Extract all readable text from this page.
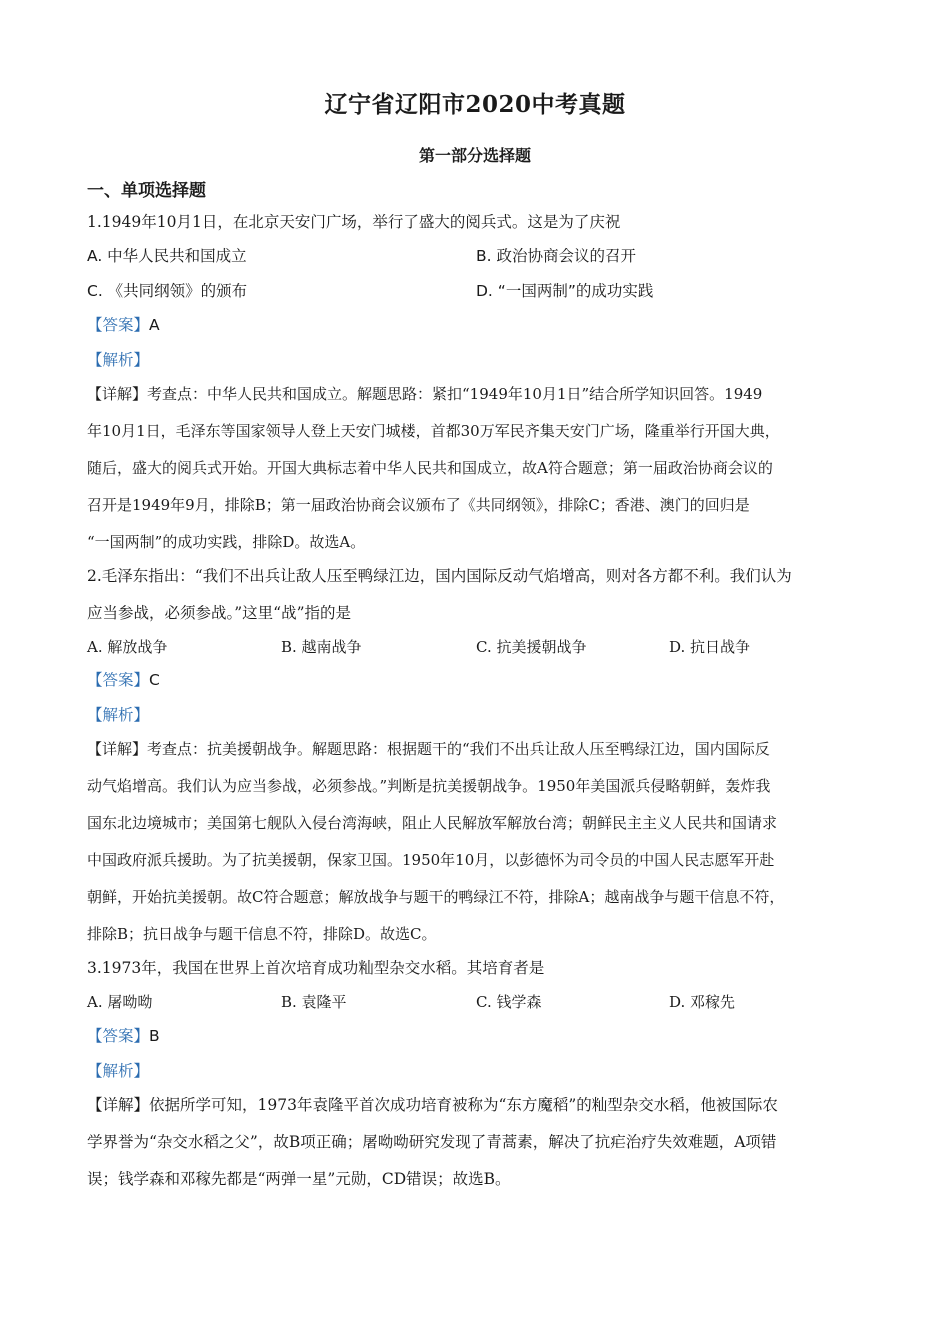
辽宁省辽阳市2020中考真题
第一部分选择题
一、单项选择题
1.1949年10月1日，在北京天安门广场，举行了盛大的阅兵式。这是为了庆祝
A. 中华人民共和国成立	B. 政治协商会议的召开
C. 《共同纲领》的颁布	D. “一国两制”的成功实践
【答案】A
【解析】
【详解】考查点：中华人民共和国成立。解题思路：紧扣“1949年10月1日”结合所学知识回答。1949
年10月1日，毛泽东等国家领导人登上天安门城楼，首都30万军民齐集天安门广场，隆重举行开国大典，
随后，盛大的阅兵式开始。开国大典标志着中华人民共和国成立，故A符合题意；第一届政治协商会议的
召开是1949年9月，排除B；第一届政治协商会议颁布了《共同纲领》，排除C；香港、澳门的回归是
“一国两制”的成功实践，排除D。故选A。
2.毛泽东指出：“我们不出兵让敌人压至鸭绿江边，国内国际反动气焰增高，则对各方都不利。我们认为
应当参战，必须参战。”这里“战”指的是
A. 解放战争	B. 越南战争	C. 抗美援朝战争	D. 抗日战争
【答案】C
【解析】
【详解】考查点：抗美援朝战争。解题思路：根据题干的“我们不出兵让敌人压至鸭绿江边，国内国际反
动气焰增高。我们认为应当参战，必须参战。”判断是抗美援朝战争。1950年美国派兵侵略朝鲜，轰炸我
国东北边境城市；美国第七舰队入侵台湾海峡，阻止人民解放军解放台湾；朝鲜民主主义人民共和国请求
中国政府派兵援助。为了抗美援朝，保家卫国。1950年10月，以彭德怀为司令员的中国人民志愿军开赴
朝鲜，开始抗美援朝。故C符合题意；解放战争与题干的鸭绿江不符，排除A；越南战争与题干信息不符，
排除B；抗日战争与题干信息不符，排除D。故选C。
3.1973年，我国在世界上首次培育成功籼型杂交水稻。其培育者是
A. 屠呦呦	B. 袁隆平	C. 钱学森	D. 邓稼先
【答案】B
【解析】
【详解】依据所学可知，1973年袁隆平首次成功培育被称为“东方魔稻”的籼型杂交水稻，他被国际农
学界誉为“杂交水稻之父”，故B项正确；屠呦呦研究发现了青蒿素，解决了抗疟治疗失效难题，A项错
误；钱学森和邓稼先都是“两弹一星”元勋，CD错误；故选B。
